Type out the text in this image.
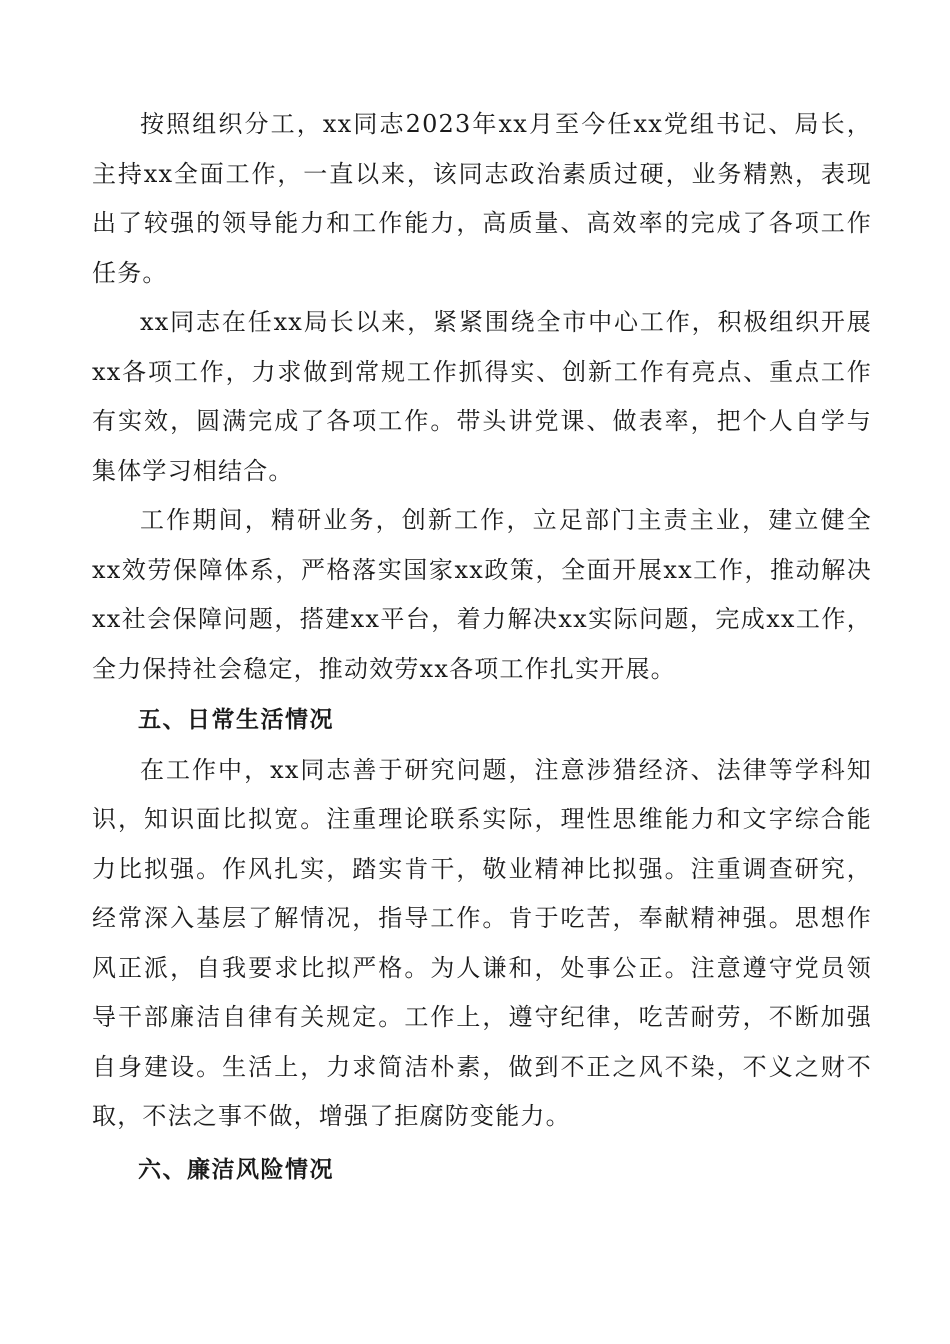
按照组织分工，xx同志2023年xx月至今任xx党组书记、局长，主持xx全面工作，一直以来，该同志政治素质过硬，业务精熟，表现出了较强的领导能力和工作能力，高质量、高效率的完成了各项工作任务。

xx同志在任xx局长以来，紧紧围绕全市中心工作，积极组织开展xx各项工作，力求做到常规工作抓得实、创新工作有亮点、重点工作有实效，圆满完成了各项工作。带头讲党课、做表率，把个人自学与集体学习相结合。

工作期间，精研业务，创新工作，立足部门主责主业，建立健全xx效劳保障体系，严格落实国家xx政策，全面开展xx工作，推动解决xx社会保障问题，搭建xx平台，着力解决xx实际问题，完成xx工作，全力保持社会稳定，推动效劳xx各项工作扎实开展。

五、日常生活情况

在工作中，xx同志善于研究问题，注意涉猎经济、法律等学科知识，知识面比拟宽。注重理论联系实际，理性思维能力和文字综合能力比拟强。作风扎实，踏实肯干，敬业精神比拟强。注重调查研究，经常深入基层了解情况，指导工作。肯于吃苦，奉献精神强。思想作风正派，自我要求比拟严格。为人谦和，处事公正。注意遵守党员领导干部廉洁自律有关规定。工作上，遵守纪律，吃苦耐劳，不断加强自身建设。生活上，力求简洁朴素，做到不正之风不染，不义之财不取，不法之事不做，增强了拒腐防变能力。

六、廉洁风险情况
